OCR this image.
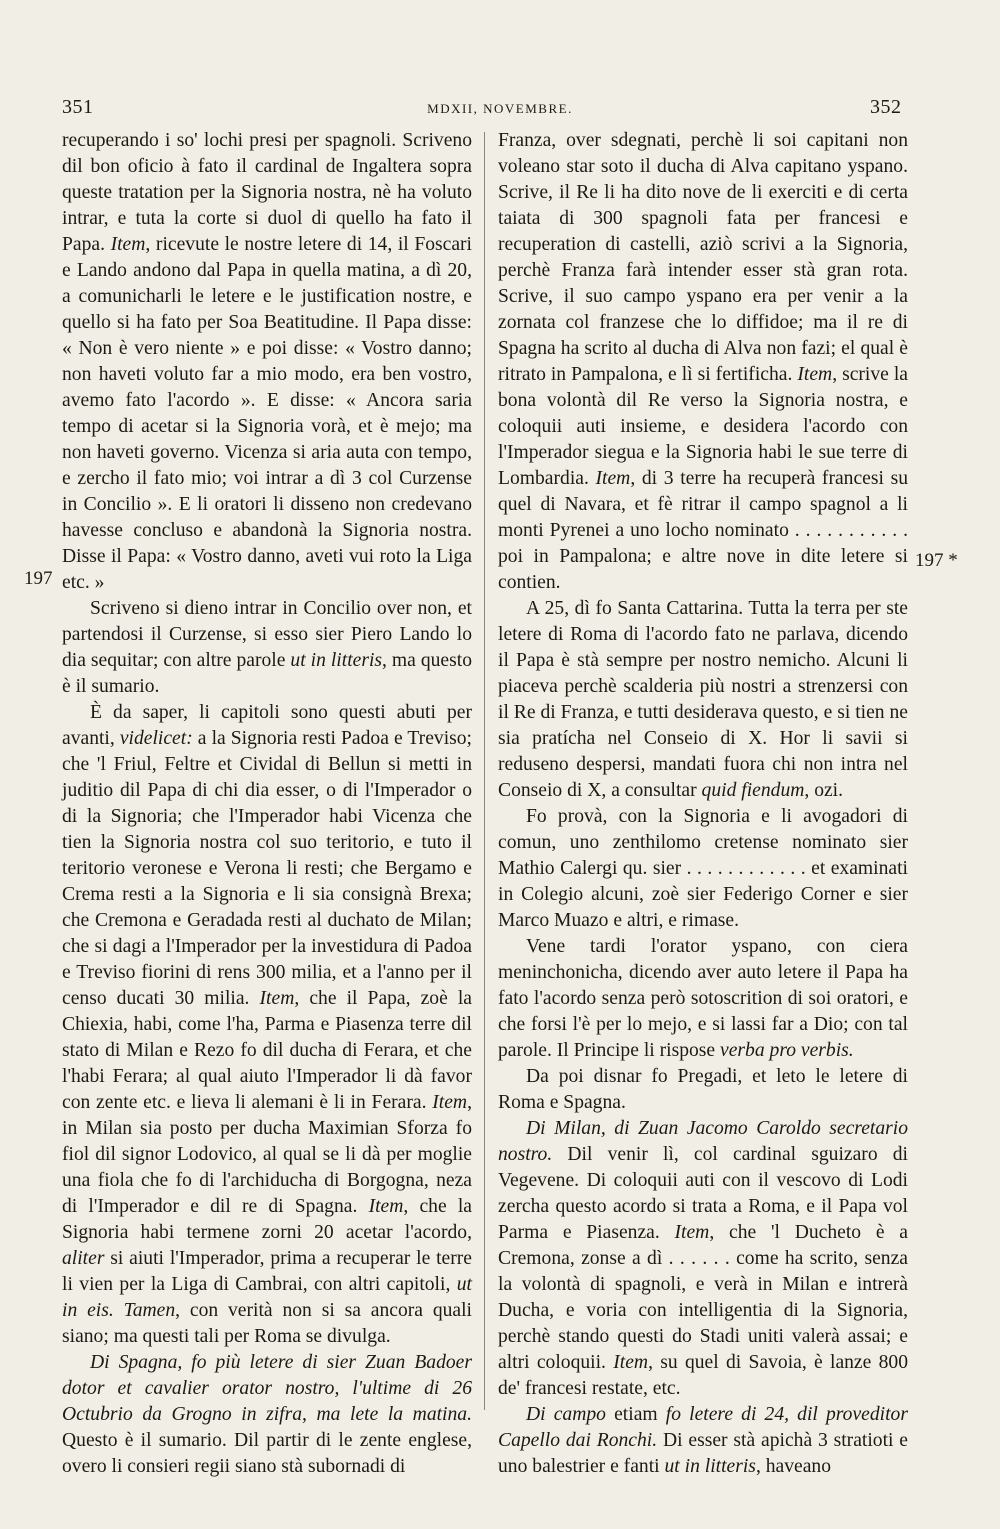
351	MDXII, NOVEMBRE.	352
197
197 *

recuperando i so' lochi presi per spagnoli. Scriveno dil bon oficio à fato il cardinal de Ingaltera sopra queste tratation per la Signoria nostra, nè ha voluto intrar, e tuta la corte si duol di quello ha fato il Papa. Item, ricevute le nostre letere di 14, il Foscari e Lando andono dal Papa in quella matina, a dì 20, a comunicharli le letere e le justification nostre, e quello si ha fato per Soa Beatitudine. Il Papa disse: « Non è vero niente » e poi disse: « Vostro danno; non haveti voluto far a mio modo, era ben vostro, avemo fato l'acordo ». E disse: « Ancora saria tempo di acetar si la Signoria vorà, et è mejo; ma non haveti governo. Vicenza si aria auta con tempo, e zercho il fato mio; voi intrar a dì 3 col Curzense in Concilio ». E li oratori li disseno non credevano havesse concluso e abandonà la Signoria nostra. Disse il Papa: « Vostro danno, aveti vui roto la Liga etc. »

Scriveno si dieno intrar in Concilio over non, et partendosi il Curzense, si esso sier Piero Lando lo dia sequitar; con altre parole ut in litteris, ma questo è il sumario.

È da saper, li capitoli sono questi abuti per avanti, videlicet: a la Signoria resti Padoa e Treviso; che 'l Friul, Feltre et Cividal di Bellun si metti in juditio dil Papa di chi dia esser, o di l'Imperador o di la Signoria; che l'Imperador habi Vicenza che tien la Signoria nostra col suo teritorio, e tuto il teritorio veronese e Verona li resti; che Bergamo e Crema resti a la Signoria e li sia consignà Brexa; che Cremona e Geradada resti al duchato de Milan; che si dagi a l'Imperador per la investidura di Padoa e Treviso fiorini di rens 300 milia, et a l'anno per il censo ducati 30 milia. Item, che il Papa, zoè la Chiexia, habi, come l'ha, Parma e Piasenza terre dil stato di Milan e Rezo fo dil ducha di Ferara, et che l'habi Ferara; al qual aiuto l'Imperador li dà favor con zente etc. e lieva li alemani è li in Ferara. Item, in Milan sia posto per ducha Maximian Sforza fo fiol dil signor Lodovico, al qual se li dà per moglie una fiola che fo di l'archiducha di Borgogna, neza di l'Imperador e dil re di Spagna. Item, che la Signoria habi termene zorni 20 acetar l'acordo, aliter si aiuti l'Imperador, prima a recuperar le terre li vien per la Liga di Cambrai, con altri capitoli, ut in eis. Tamen, con verità non si sa ancora quali siano; ma questi tali per Roma se divulga.

Di Spagna, fo più letere di sier Zuan Badoer dotor et cavalier orator nostro, l'ultime di 26 Octubrio da Grogno in zifra, ma lete la matina. Questo è il sumario. Dil partir di le zente englese, overo li consieri regii siano stà subornadi di

Franza, over sdegnati, perchè li soi capitani non voleano star soto il ducha di Alva capitano yspano. Scrive, il Re li ha dito nove de li exerciti e di certa taiata di 300 spagnoli fata per francesi e recuperation di castelli, aziò scrivi a la Signoria, perchè Franza farà intender esser stà gran rota. Scrive, il suo campo yspano era per venir a la zornata col franzese che lo diffidoe; ma il re di Spagna ha scrito al ducha di Alva non fazi; el qual è ritrato in Pampalona, e lì si fertificha. Item, scrive la bona volontà dil Re verso la Signoria nostra, e coloquii auti insieme, e desidera l'acordo con l'Imperador siegua e la Signoria habi le sue terre di Lombardia. Item, di 3 terre ha recuperà francesi su quel di Navara, et fè ritrar il campo spagnol a li monti Pyrenei a uno locho nominato . . . . . . . . . . . poi in Pampalona; e altre nove in dite letere si contien.

A 25, dì fo Santa Cattarina. Tutta la terra per ste letere di Roma di l'acordo fato ne parlava, dicendo il Papa è stà sempre per nostro nemicho. Alcuni li piaceva perchè scalderia più nostri a strenzersi con il Re di Franza, e tutti desiderava questo, e si tien ne sia pratícha nel Conseio di X. Hor li savii si reduseno despersi, mandati fuora chi non intra nel Conseio di X, a consultar quid fiendum, ozi.

Fo provà, con la Signoria e li avogadori di comun, uno zenthilomo cretense nominato sier Mathio Calergi qu. sier . . . . . . . . . . . . et examinati in Colegio alcuni, zoè sier Federigo Corner e sier Marco Muazo e altri, e rimase.

Vene tardi l'orator yspano, con ciera meninchonicha, dicendo aver auto letere il Papa ha fato l'acordo senza però sotoscrition di soi oratori, e che forsi l'è per lo mejo, e si lassi far a Dio; con tal parole. Il Principe li rispose verba pro verbis.

Da poi disnar fo Pregadi, et leto le letere di Roma e Spagna.

Di Milan, di Zuan Jacomo Caroldo secretario nostro. Dil venir lì, col cardinal sguizaro di Vegevene. Di coloquii auti con il vescovo di Lodi zercha questo acordo si trata a Roma, e il Papa vol Parma e Piasenza. Item, che 'l Ducheto è a Cremona, zonse a dì . . . . . . come ha scrito, senza la volontà di spagnoli, e verà in Milan e intrerà Ducha, e voria con intelligentia di la Signoria, perchè stando questi do Stadi uniti valerà assai; e altri coloquii. Item, su quel di Savoia, è lanze 800 de' francesi restate, etc.

Di campo etiam fo letere di 24, dil proveditor Capello dai Ronchi. Di esser stà apichà 3 stratioti e uno balestrier e fanti ut in litteris, haveano
